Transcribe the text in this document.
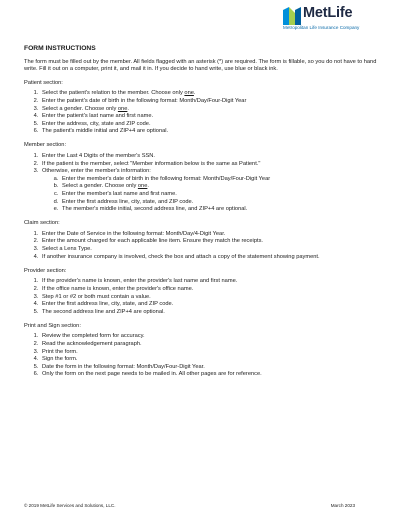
MetLife
Metropolitan Life Insurance Company
FORM INSTRUCTIONS
The form must be filled out by the member. All fields flagged with an asterisk (*) are required. The form is fillable, so you do not have to hand write. Fill it out on a computer, print it, and mail it in. If you decide to hand write, use blue or black ink.
Patient section:
1. Select the patient's relation to the member. Choose only one.
2. Enter the patient's date of birth in the following format: Month/Day/Four-Digit Year
3. Select a gender. Choose only one.
4. Enter the patient's last name and first name.
5. Enter the address, city, state and ZIP code.
6. The patient's middle initial and ZIP+4 are optional.
Member section:
1. Enter the Last 4 Digits of the member's SSN.
2. If the patient is the member, select "Member information below is the same as Patient."
3. Otherwise, enter the member's information:
a. Enter the member's date of birth in the following format: Month/Day/Four-Digit Year
b. Select a gender. Choose only one.
c. Enter the member's last name and first name.
d. Enter the first address line, city, state, and ZIP code.
e. The member's middle initial, second address line, and ZIP+4 are optional.
Claim section:
1. Enter the Date of Service in the following format: Month/Day/4-Digit Year.
2. Enter the amount charged for each applicable line item. Ensure they match the receipts.
3. Select a Lens Type.
4. If another insurance company is involved, check the box and attach a copy of the statement showing payment.
Provider section:
1. If the provider's name is known, enter the provider's last name and first name.
2. If the office name is known, enter the provider's office name.
3. Step #1 or #2 or both must contain a value.
4. Enter the first address line, city, state, and ZIP code.
5. The second address line and ZIP+4 are optional.
Print and Sign section:
1. Review the completed form for accuracy.
2. Read the acknowledgement paragraph.
3. Print the form.
4. Sign the form.
5. Date the form in the following format: Month/Day/Four-Digit Year.
6. Only the form on the next page needs to be mailed in. All other pages are for reference.
© 2019 MetLife Services and Solutions, LLC.	March 2023
